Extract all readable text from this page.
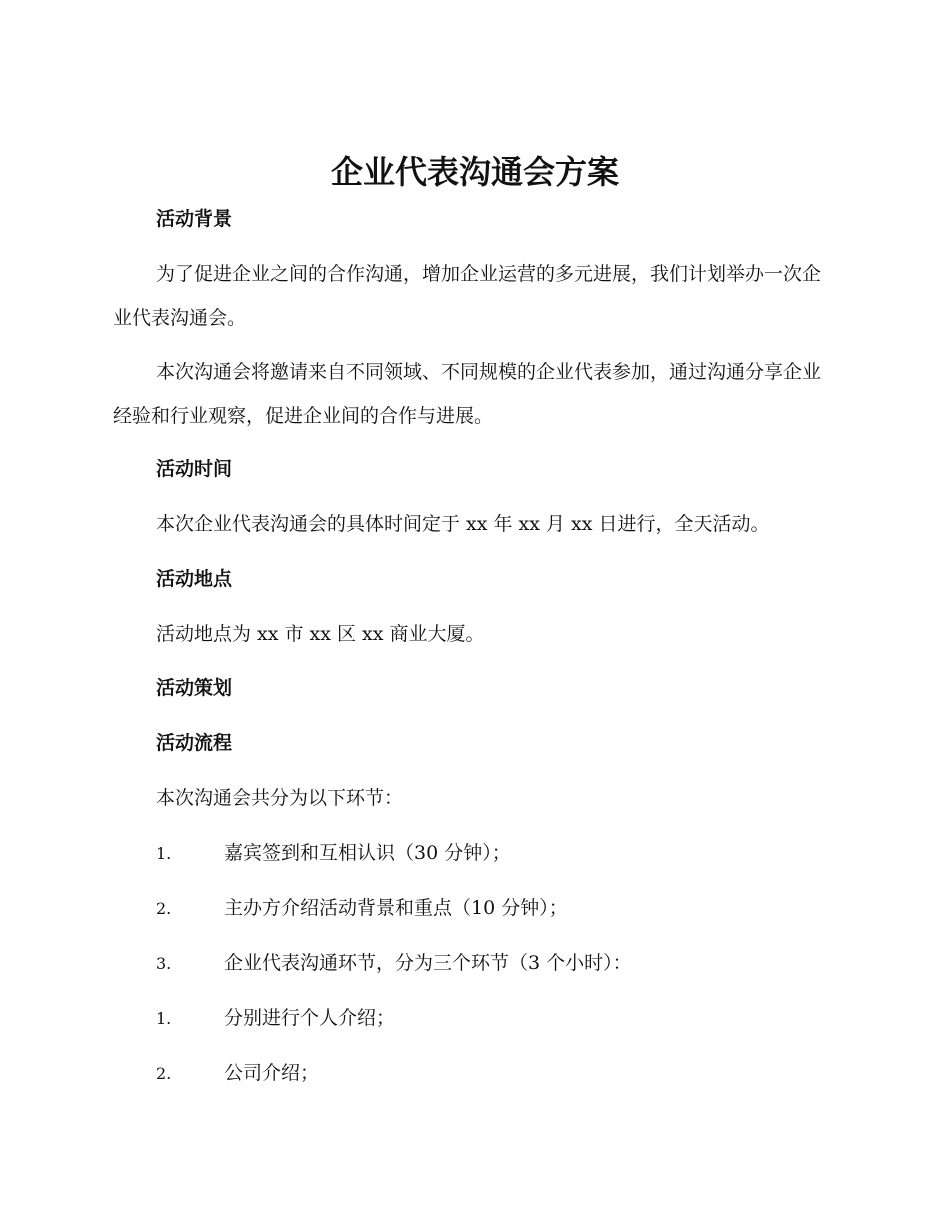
企业代表沟通会方案
活动背景

为了促进企业之间的合作沟通，增加企业运营的多元进展，我们计划举办一次企业代表沟通会。

本次沟通会将邀请来自不同领域、不同规模的企业代表参加，通过沟通分享企业经验和行业观察，促进企业间的合作与进展。

活动时间

本次企业代表沟通会的具体时间定于 xx 年 xx 月 xx 日进行，全天活动。

活动地点

活动地点为 xx 市 xx 区 xx 商业大厦。

活动策划
活动流程

本次沟通会共分为以下环节：

1.	嘉宾签到和互相认识（30 分钟）；
2.	主办方介绍活动背景和重点（10 分钟）；
3.	企业代表沟通环节，分为三个环节（3 个小时）：
1.	分别进行个人介绍；
2.	公司介绍；
